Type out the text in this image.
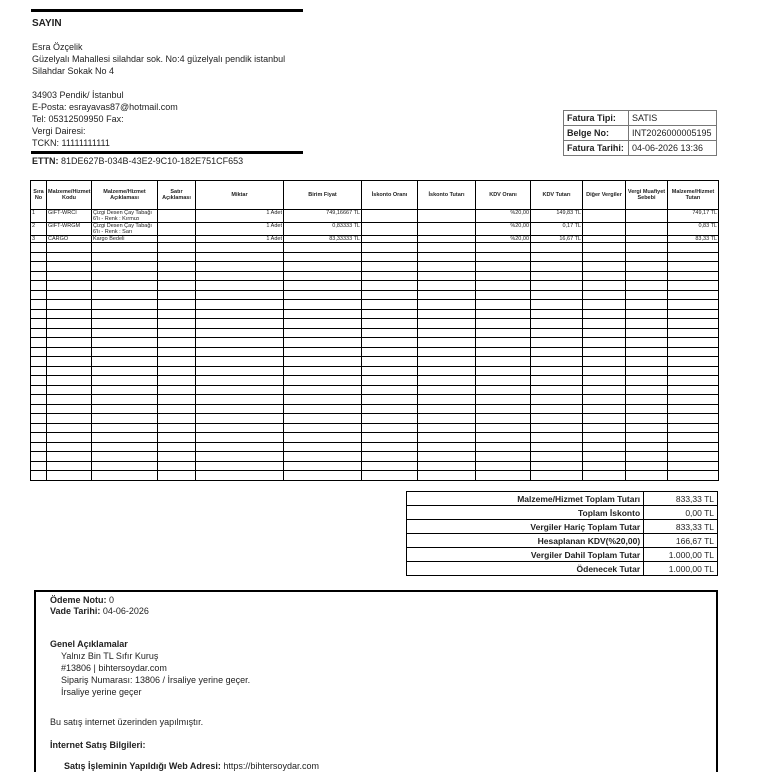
SAYIN
Esra Özçelik
Güzelyalı Mahallesi silahdar sok. No:4 güzelyalı pendik istanbul
Silahdar Sokak No 4
34903 Pendik/ İstanbul
E-Posta: esrayavas87@hotmail.com
Tel: 05312509950 Fax:
Vergi Dairesi:
TCKN: 11111111111
ETTN: 81DE627B-034B-43E2-9C10-182E751CF653
Fatura Tipi:	SATIS
Belge No:	INT2026000005195
Fatura Tarihi:	04-06-2026 13:36
Sıra No	Malzeme/Hizmet Kodu	Malzeme/Hizmet Açıklaması	Satır Açıklaması	Miktar	Birim Fiyat	İskonto Oranı	İskonto Tutarı	KDV Oranı	KDV Tutarı	Diğer Vergiler	Vergi Muafiyet Sebebi	Malzeme/Hizmet Tutarı
1	GIFT-WRCI	Çizgi Desen Çay Tabağı 6'lı - Renk : Kırmızı		1 Adet	749,16667 TL			%20,00	149,83 TL			749,17 TL
2	GIFT-WRGM	Çizgi Desen Çay Tabağı 6'lı - Renk : Sarı		1 Adet	0,83333 TL			%20,00	0,17 TL			0,83 TL
3	CARGO	Kargo Bedeli		1 Adet	83,33333 TL			%20,00	16,67 TL			83,33 TL

Malzeme/Hizmet Toplam Tutarı	833,33 TL
Toplam İskonto	0,00 TL
Vergiler Hariç Toplam Tutar	833,33 TL
Hesaplanan KDV(%20,00)	166,67 TL
Vergiler Dahil Toplam Tutar	1.000,00 TL
Ödenecek Tutar	1.000,00 TL
Ödeme Notu: 0
Vade Tarihi: 04-06-2026
Genel Açıklamalar
Yalnız Bin TL Sıfır Kuruş
#13806 | bihtersoydar.com
Sipariş Numarası: 13806 / İrsaliye yerine geçer.
İrsaliye yerine geçer
Bu satış internet üzerinden yapılmıştır.
İnternet Satış Bilgileri:
Satış İşleminin Yapıldığı Web Adresi: https://bihtersoydar.com
